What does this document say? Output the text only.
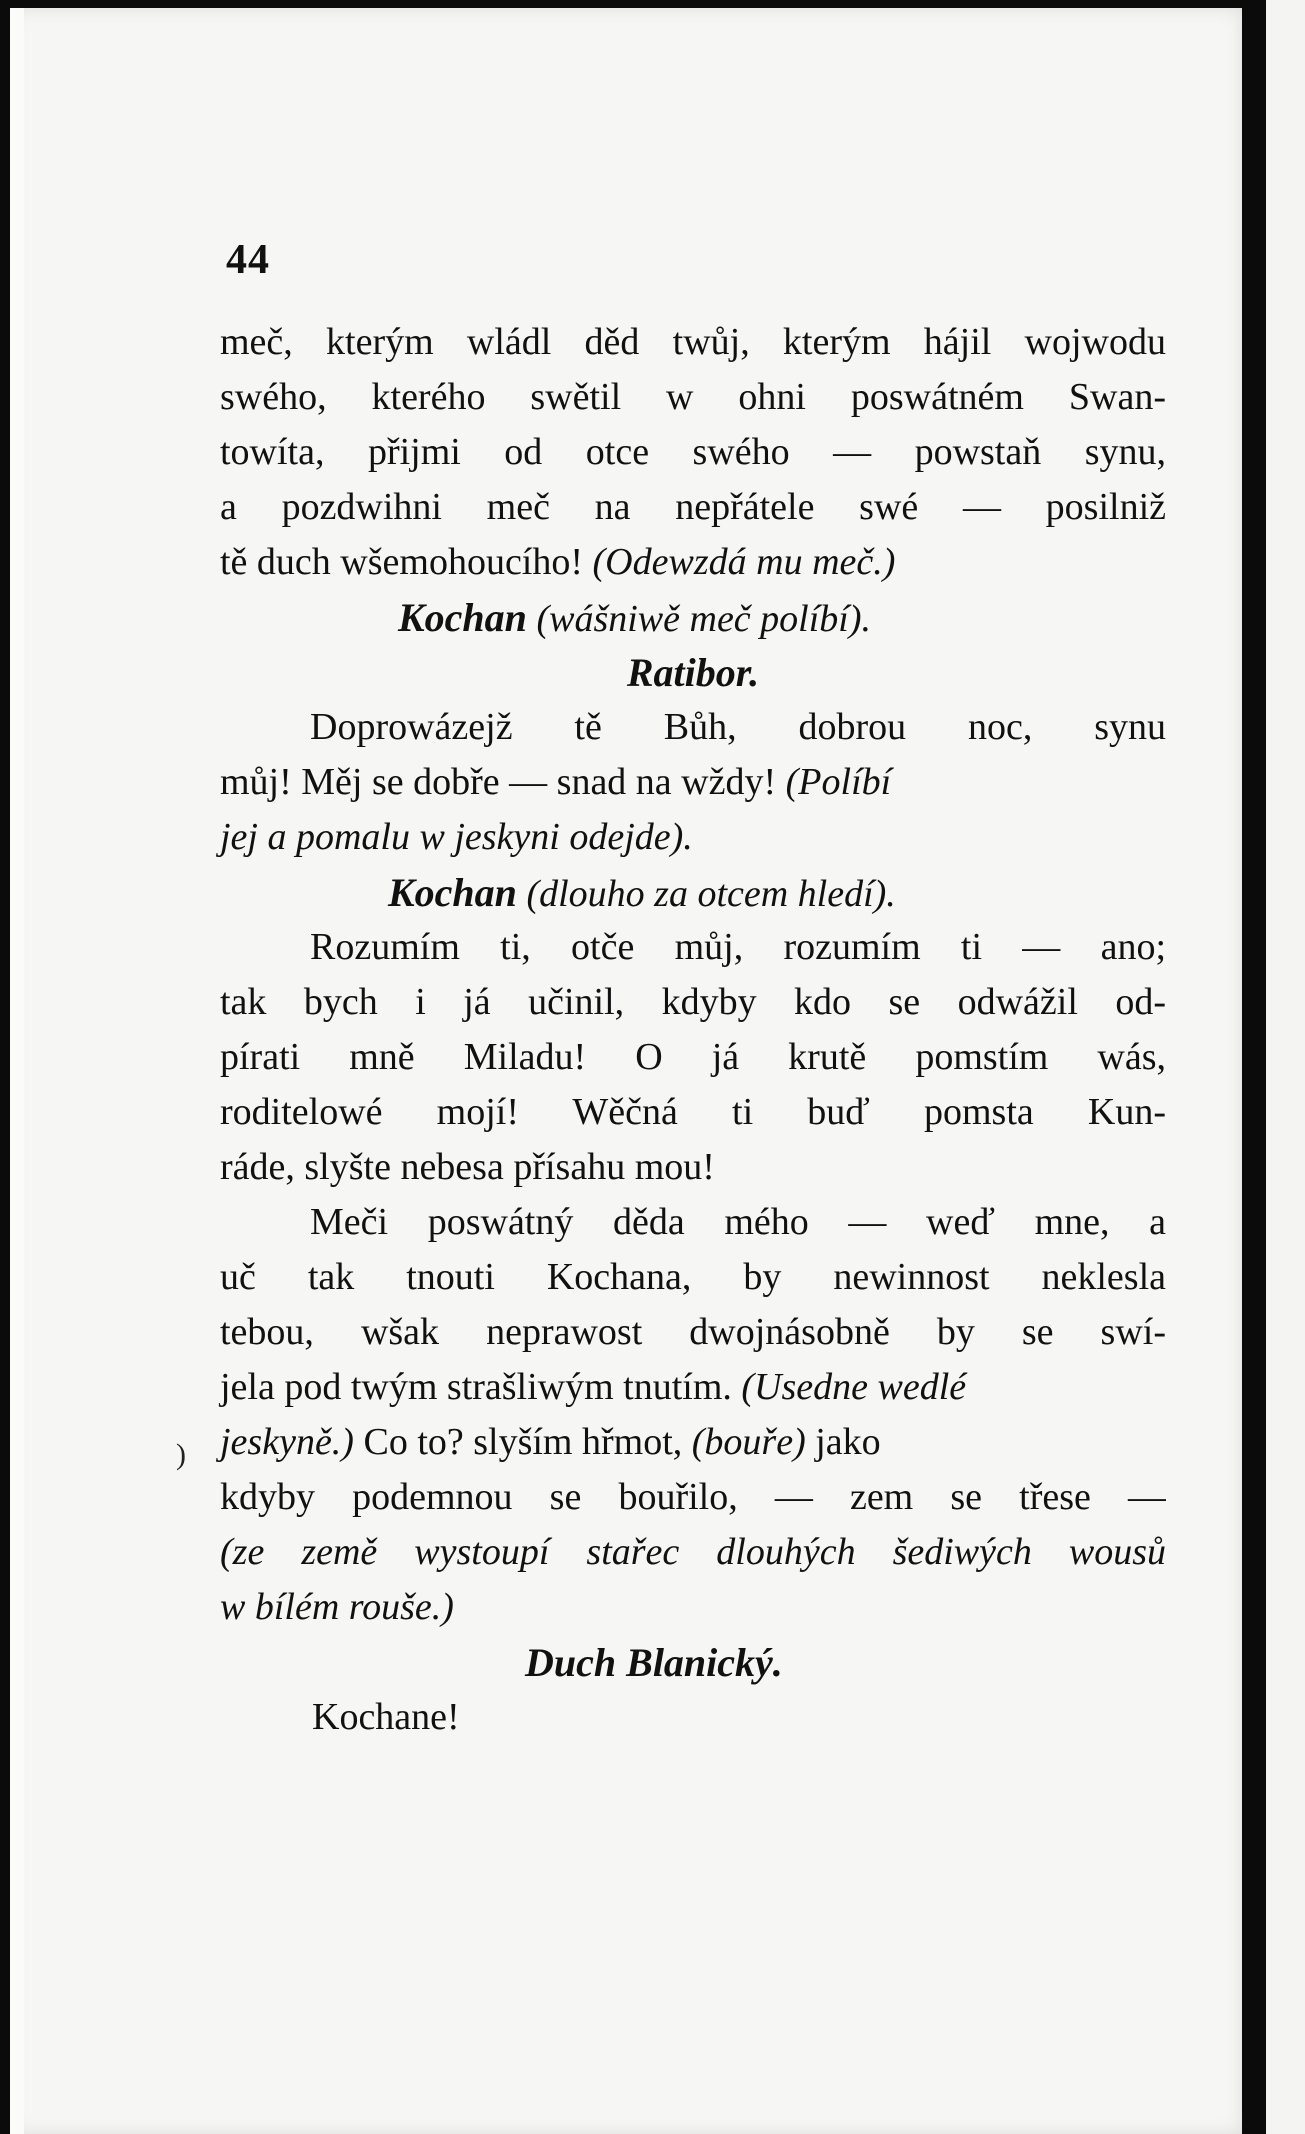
44
)
meč, kterým wládl děd twůj, kterým hájil wojwodu
swého, kterého swětil w ohni poswátném Swan-
towíta, přijmi od otce swého — powstaň synu,
a pozdwihni meč na nepřátele swé — posilniž
tě duch wšemohoucího! (Odewzdá mu meč.)
Kochan (wášniwě meč políbí).
Ratibor.
Doprowázejž tě Bůh, dobrou noc, synu
můj! Měj se dobře — snad na wždy! (Políbí
jej a pomalu w jeskyni odejde).
Kochan (dlouho za otcem hledí).
Rozumím ti, otče můj, rozumím ti — ano;
tak bych i já učinil, kdyby kdo se odwážil od-
pírati mně Miladu! O já krutě pomstím wás,
roditelowé mojí! Wěčná ti buď pomsta Kun-
ráde, slyšte nebesa přísahu mou!
Meči poswátný děda mého — weď mne, a
uč tak tnouti Kochana, by newinnost neklesla
tebou, wšak neprawost dwojnásobně by se swí-
jela pod twým strašliwým tnutím. (Usedne wedlé
jeskyně.) Co to? slyším hřmot, (bouře) jako
kdyby podemnou se bouřilo, — zem se třese —
(ze země wystoupí stařec dlouhých šediwých wousů
w bílém rouše.)
Duch Blanický.
Kochane!
